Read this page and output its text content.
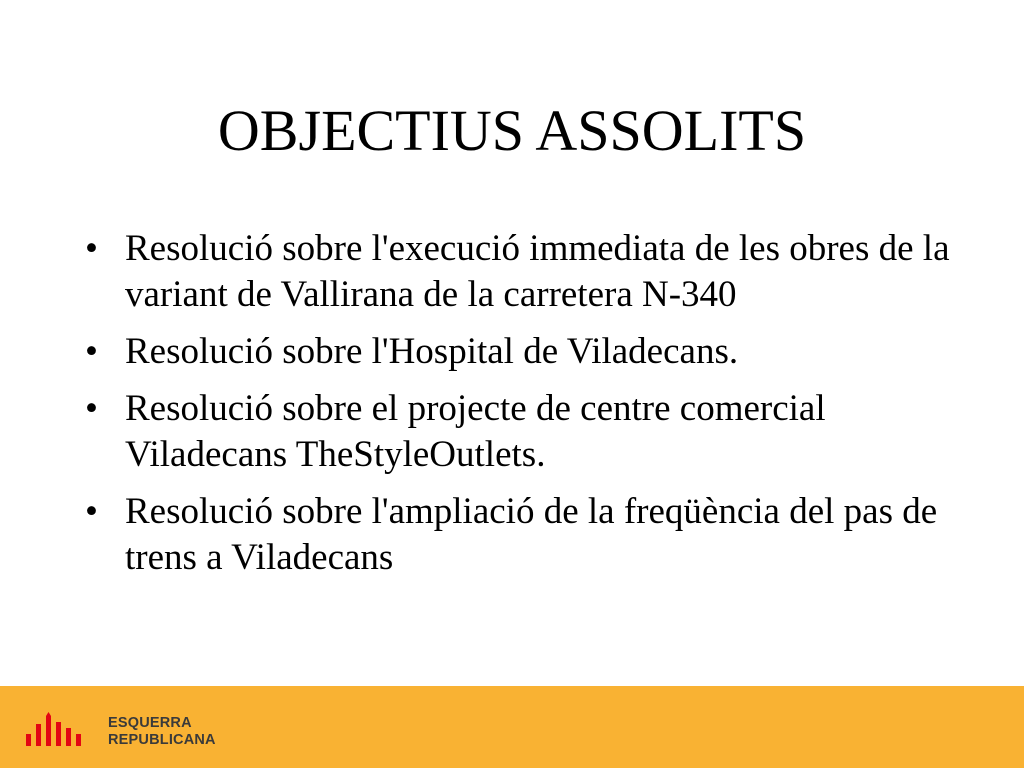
OBJECTIUS ASSOLITS
• Resolució sobre l'execució immediata de les obres de la variant de Vallirana de la carretera N-340
• Resolució sobre l'Hospital de Viladecans.
• Resolució sobre el projecte de centre comercial Viladecans TheStyleOutlets.
• Resolució sobre l'ampliació de la freqüència del pas de trens a Viladecans
ESQUERRA
REPUBLICANA
